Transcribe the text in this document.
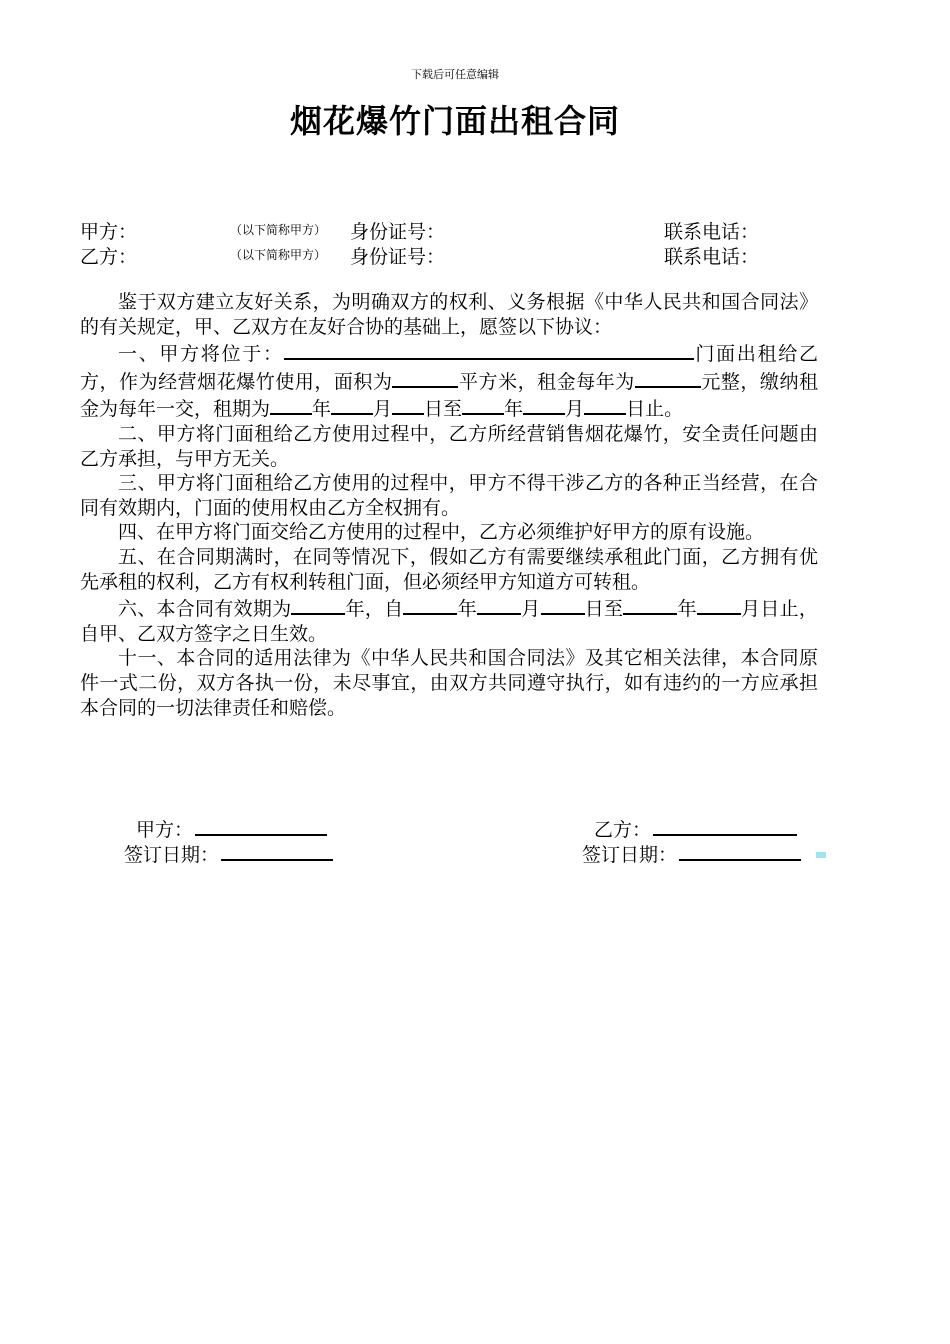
下载后可任意编辑
烟花爆竹门面出租合同
甲方：	（以下简称甲方） 身份证号：	联系电话：
乙方：	（以下简称甲方） 身份证号：	联系电话：

鉴于双方建立友好关系，为明确双方的权利、义务根据《中华人民共和国合同法》的有关规定，甲、乙双方在友好合协的基础上，愿签以下协议：

一、甲方将位于：	门面出租给乙方，作为经营烟花爆竹使用，面积为	平方米，租金每年为	元整，缴纳租金为每年一交，租期为 年 月 日至 年 月 日止。

二、甲方将门面租给乙方使用过程中，乙方所经营销售烟花爆竹，安全责任问题由乙方承担，与甲方无关。

三、甲方将门面租给乙方使用的过程中，甲方不得干涉乙方的各种正当经营，在合同有效期内，门面的使用权由乙方全权拥有。

四、在甲方将门面交给乙方使用的过程中，乙方必须维护好甲方的原有设施。

五、在合同期满时，在同等情况下，假如乙方有需要继续承租此门面，乙方拥有优先承租的权利，乙方有权利转租门面，但必须经甲方知道方可转租。

六、本合同有效期为	年，自	年 月 日至	年 月日止，自甲、乙双方签字之日生效。

十一、本合同的适用法律为《中华人民共和国合同法》及其它相关法律，本合同原件一式二份，双方各执一份，未尽事宜，由双方共同遵守执行，如有违约的一方应承担本合同的一切法律责任和赔偿。

甲方：	乙方：
签订日期：	签订日期：
